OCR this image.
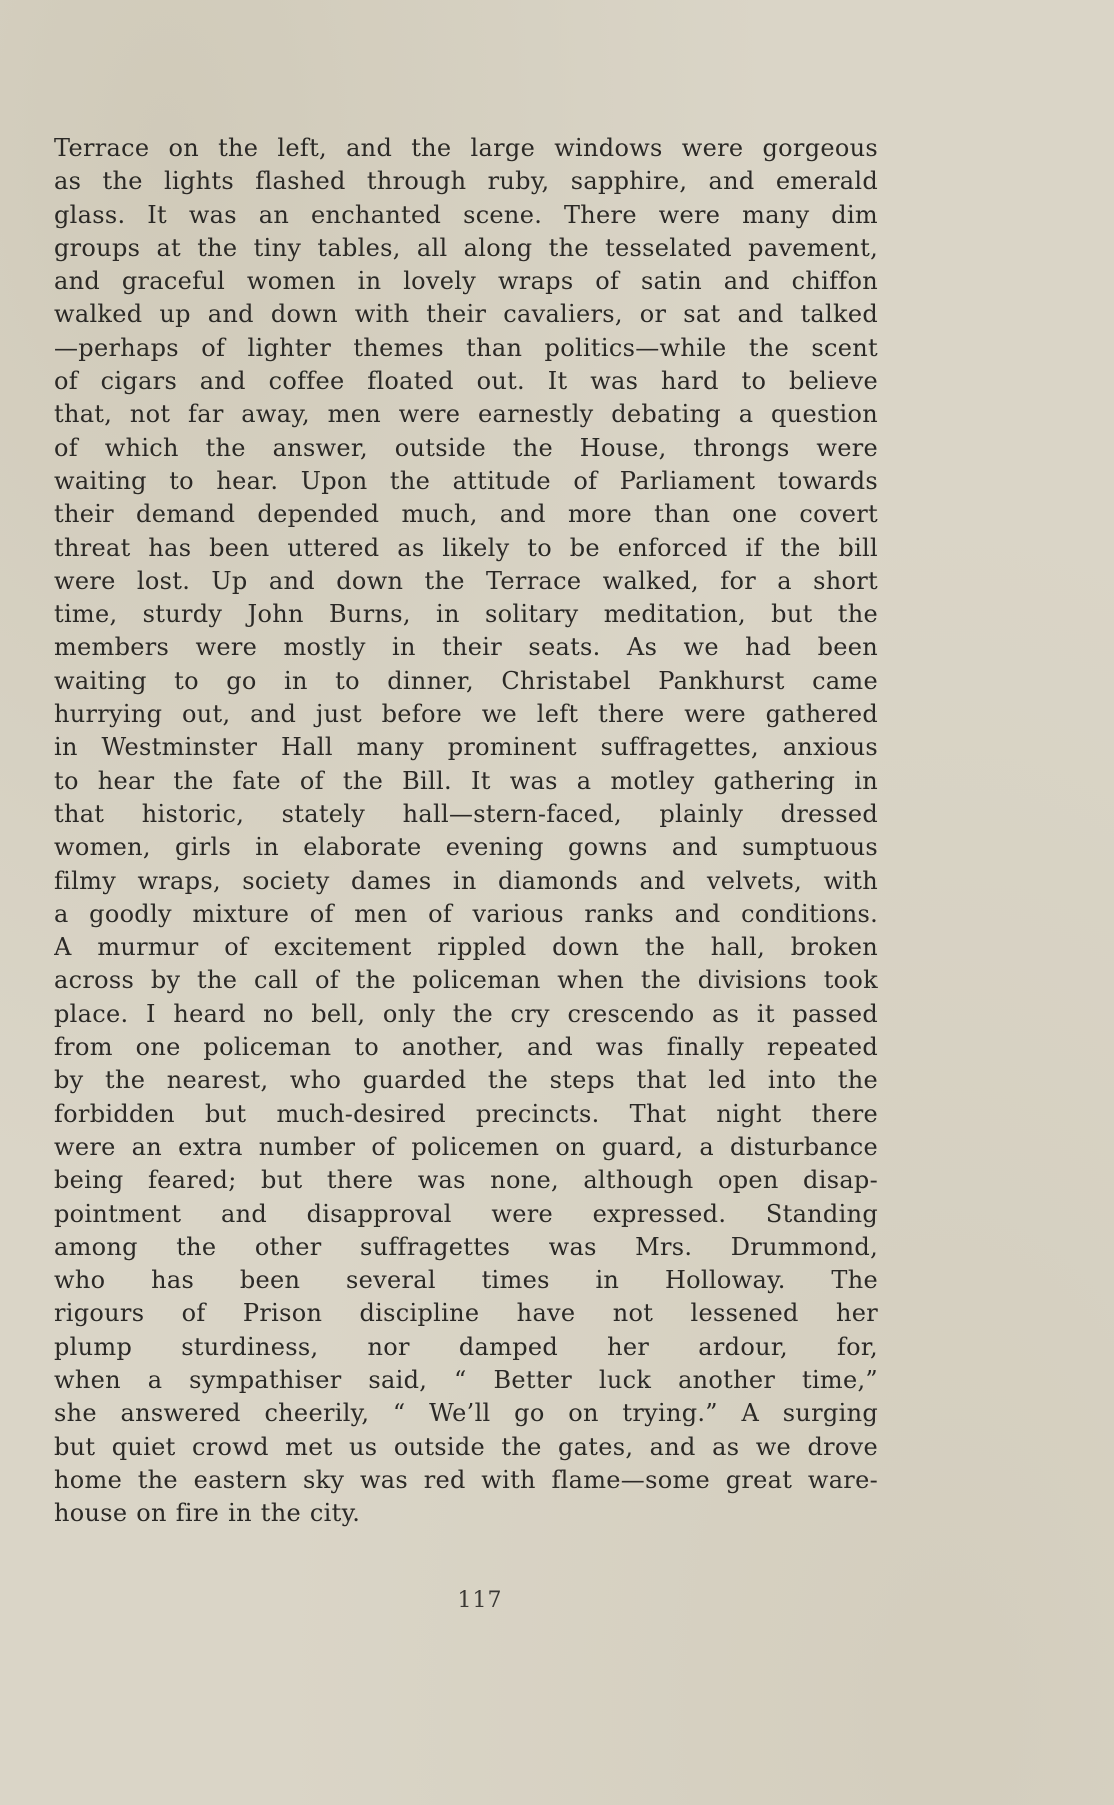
Terrace on the left, and the large windows were gorgeous
as the lights flashed through ruby, sapphire, and emerald
glass. It was an enchanted scene. There were many dim
groups at the tiny tables, all along the tesselated pavement,
and graceful women in lovely wraps of satin and chiffon
walked up and down with their cavaliers, or sat and talked
—perhaps of lighter themes than politics—while the scent
of cigars and coffee floated out. It was hard to believe
that, not far away, men were earnestly debating a question
of which the answer, outside the House, throngs were
waiting to hear. Upon the attitude of Parliament towards
their demand depended much, and more than one covert
threat has been uttered as likely to be enforced if the bill
were lost. Up and down the Terrace walked, for a short
time, sturdy John Burns, in solitary meditation, but the
members were mostly in their seats. As we had been
waiting to go in to dinner, Christabel Pankhurst came
hurrying out, and just before we left there were gathered
in Westminster Hall many prominent suffragettes, anxious
to hear the fate of the Bill. It was a motley gathering in
that historic, stately hall—stern-faced, plainly dressed
women, girls in elaborate evening gowns and sumptuous
filmy wraps, society dames in diamonds and velvets, with
a goodly mixture of men of various ranks and conditions.
A murmur of excitement rippled down the hall, broken
across by the call of the policeman when the divisions took
place. I heard no bell, only the cry crescendo as it passed
from one policeman to another, and was finally repeated
by the nearest, who guarded the steps that led into the
forbidden but much-desired precincts. That night there
were an extra number of policemen on guard, a disturbance
being feared; but there was none, although open disap-
pointment and disapproval were expressed. Standing
among the other suffragettes was Mrs. Drummond,
who has been several times in Holloway. The
rigours of Prison discipline have not lessened her
plump sturdiness, nor damped her ardour, for,
when a sympathiser said, “ Better luck another time,”
she answered cheerily, “ We’ll go on trying.” A surging
but quiet crowd met us outside the gates, and as we drove
home the eastern sky was red with flame—some great ware-
house on fire in the city.
117
